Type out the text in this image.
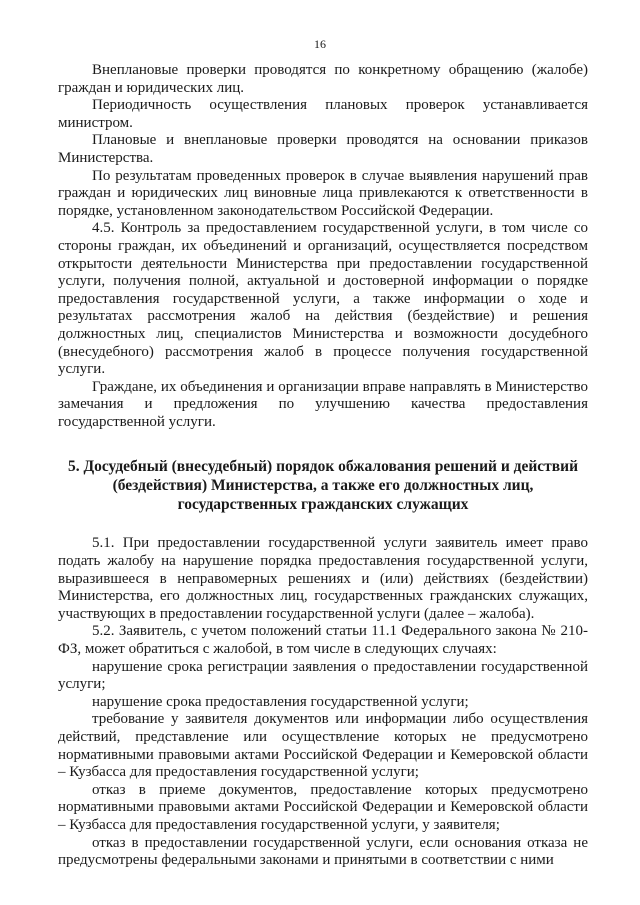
16

Внеплановые проверки проводятся по конкретному обращению (жалобе) граждан и юридических лиц.

Периодичность осуществления плановых проверок устанавливается министром.

Плановые и внеплановые проверки проводятся на основании приказов Министерства.

По результатам проведенных проверок в случае выявления нарушений прав граждан и юридических лиц виновные лица привлекаются к ответственности в порядке, установленном законодательством Российской Федерации.

4.5. Контроль за предоставлением государственной услуги, в том числе со стороны граждан, их объединений и организаций, осуществляется посредством открытости деятельности Министерства при предоставлении государственной услуги, получения полной, актуальной и достоверной информации о порядке предоставления государственной услуги, а также информации о ходе и результатах рассмотрения жалоб на действия (бездействие) и решения должностных лиц, специалистов Министерства и возможности досудебного (внесудебного) рассмотрения жалоб в процессе получения государственной услуги.

Граждане, их объединения и организации вправе направлять в Министерство замечания и предложения по улучшению качества предоставления государственной услуги.

5. Досудебный (внесудебный) порядок обжалования решений и действий (бездействия) Министерства, а также его должностных лиц, государственных гражданских служащих

5.1. При предоставлении государственной услуги заявитель имеет право подать жалобу на нарушение порядка предоставления государственной услуги, выразившееся в неправомерных решениях и (или) действиях (бездействии) Министерства, его должностных лиц, государственных гражданских служащих, участвующих в предоставлении государственной услуги (далее – жалоба).

5.2. Заявитель, с учетом положений статьи 11.1 Федерального закона № 210-ФЗ, может обратиться с жалобой, в том числе в следующих случаях:

нарушение срока регистрации заявления о предоставлении государственной услуги;

нарушение срока предоставления государственной услуги;

требование у заявителя документов или информации либо осуществления действий, представление или осуществление которых не предусмотрено нормативными правовыми актами Российской Федерации и Кемеровской области – Кузбасса для предоставления государственной услуги;

отказ в приеме документов, предоставление которых предусмотрено нормативными правовыми актами Российской Федерации и Кемеровской области – Кузбасса для предоставления государственной услуги, у заявителя;

отказ в предоставлении государственной услуги, если основания отказа не предусмотрены федеральными законами и принятыми в соответствии с ними
